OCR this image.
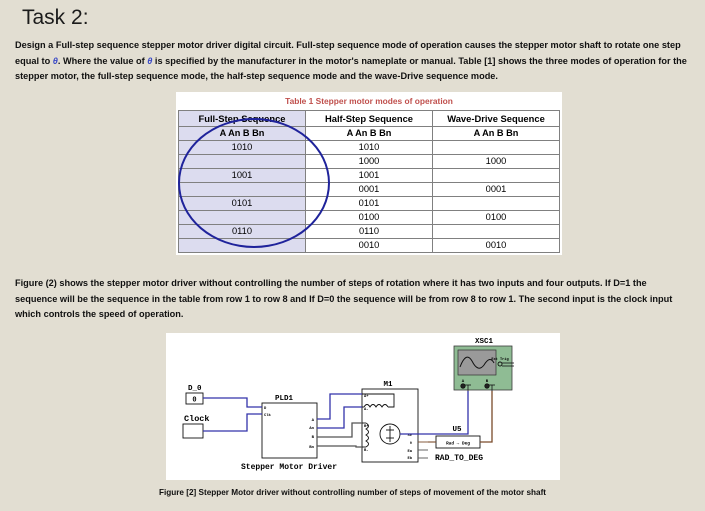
Task 2:
Design a Full-step sequence stepper motor driver digital circuit. Full-step sequence mode of operation causes the stepper motor shaft to rotate one step equal to θ. Where the value of θ is specified by the manufacturer in the motor's nameplate or manual. Table [1] shows the three modes of operation for the stepper motor, the full-step sequence mode, the half-step sequence mode and the wave-Drive sequence mode.
Table 1 Stepper motor modes of operation
Full-Step Sequence	Half-Step Sequence	Wave-Drive Sequence
A An B Bn	A An B Bn	A An B Bn
1010	1010	
	1000	1000
1001	1001	
	0001	0001
0101	0101	
	0100	0100
0110	0110	
	0010	0010
Figure (2) shows the stepper motor driver without controlling the number of steps of rotation where it has two inputs and four outputs. If D=1 the sequence will be the sequence in the table from row 1 to row 8 and If D=0 the sequence will be from row 8 to row 1. The second input is the clock input which controls the speed of operation.
XSC1
Ext Trig
A	B
D_0
0
Clock
PLD1
D
Clk
A
An
B
Bn
Stepper Motor Driver
M1
A+
A-
B+
B-
Se
θ
Ea
Eb
U5
Rad → Deg
RAD_TO_DEG
Figure [2] Stepper Motor driver without controlling number of steps of movement of the motor shaft
